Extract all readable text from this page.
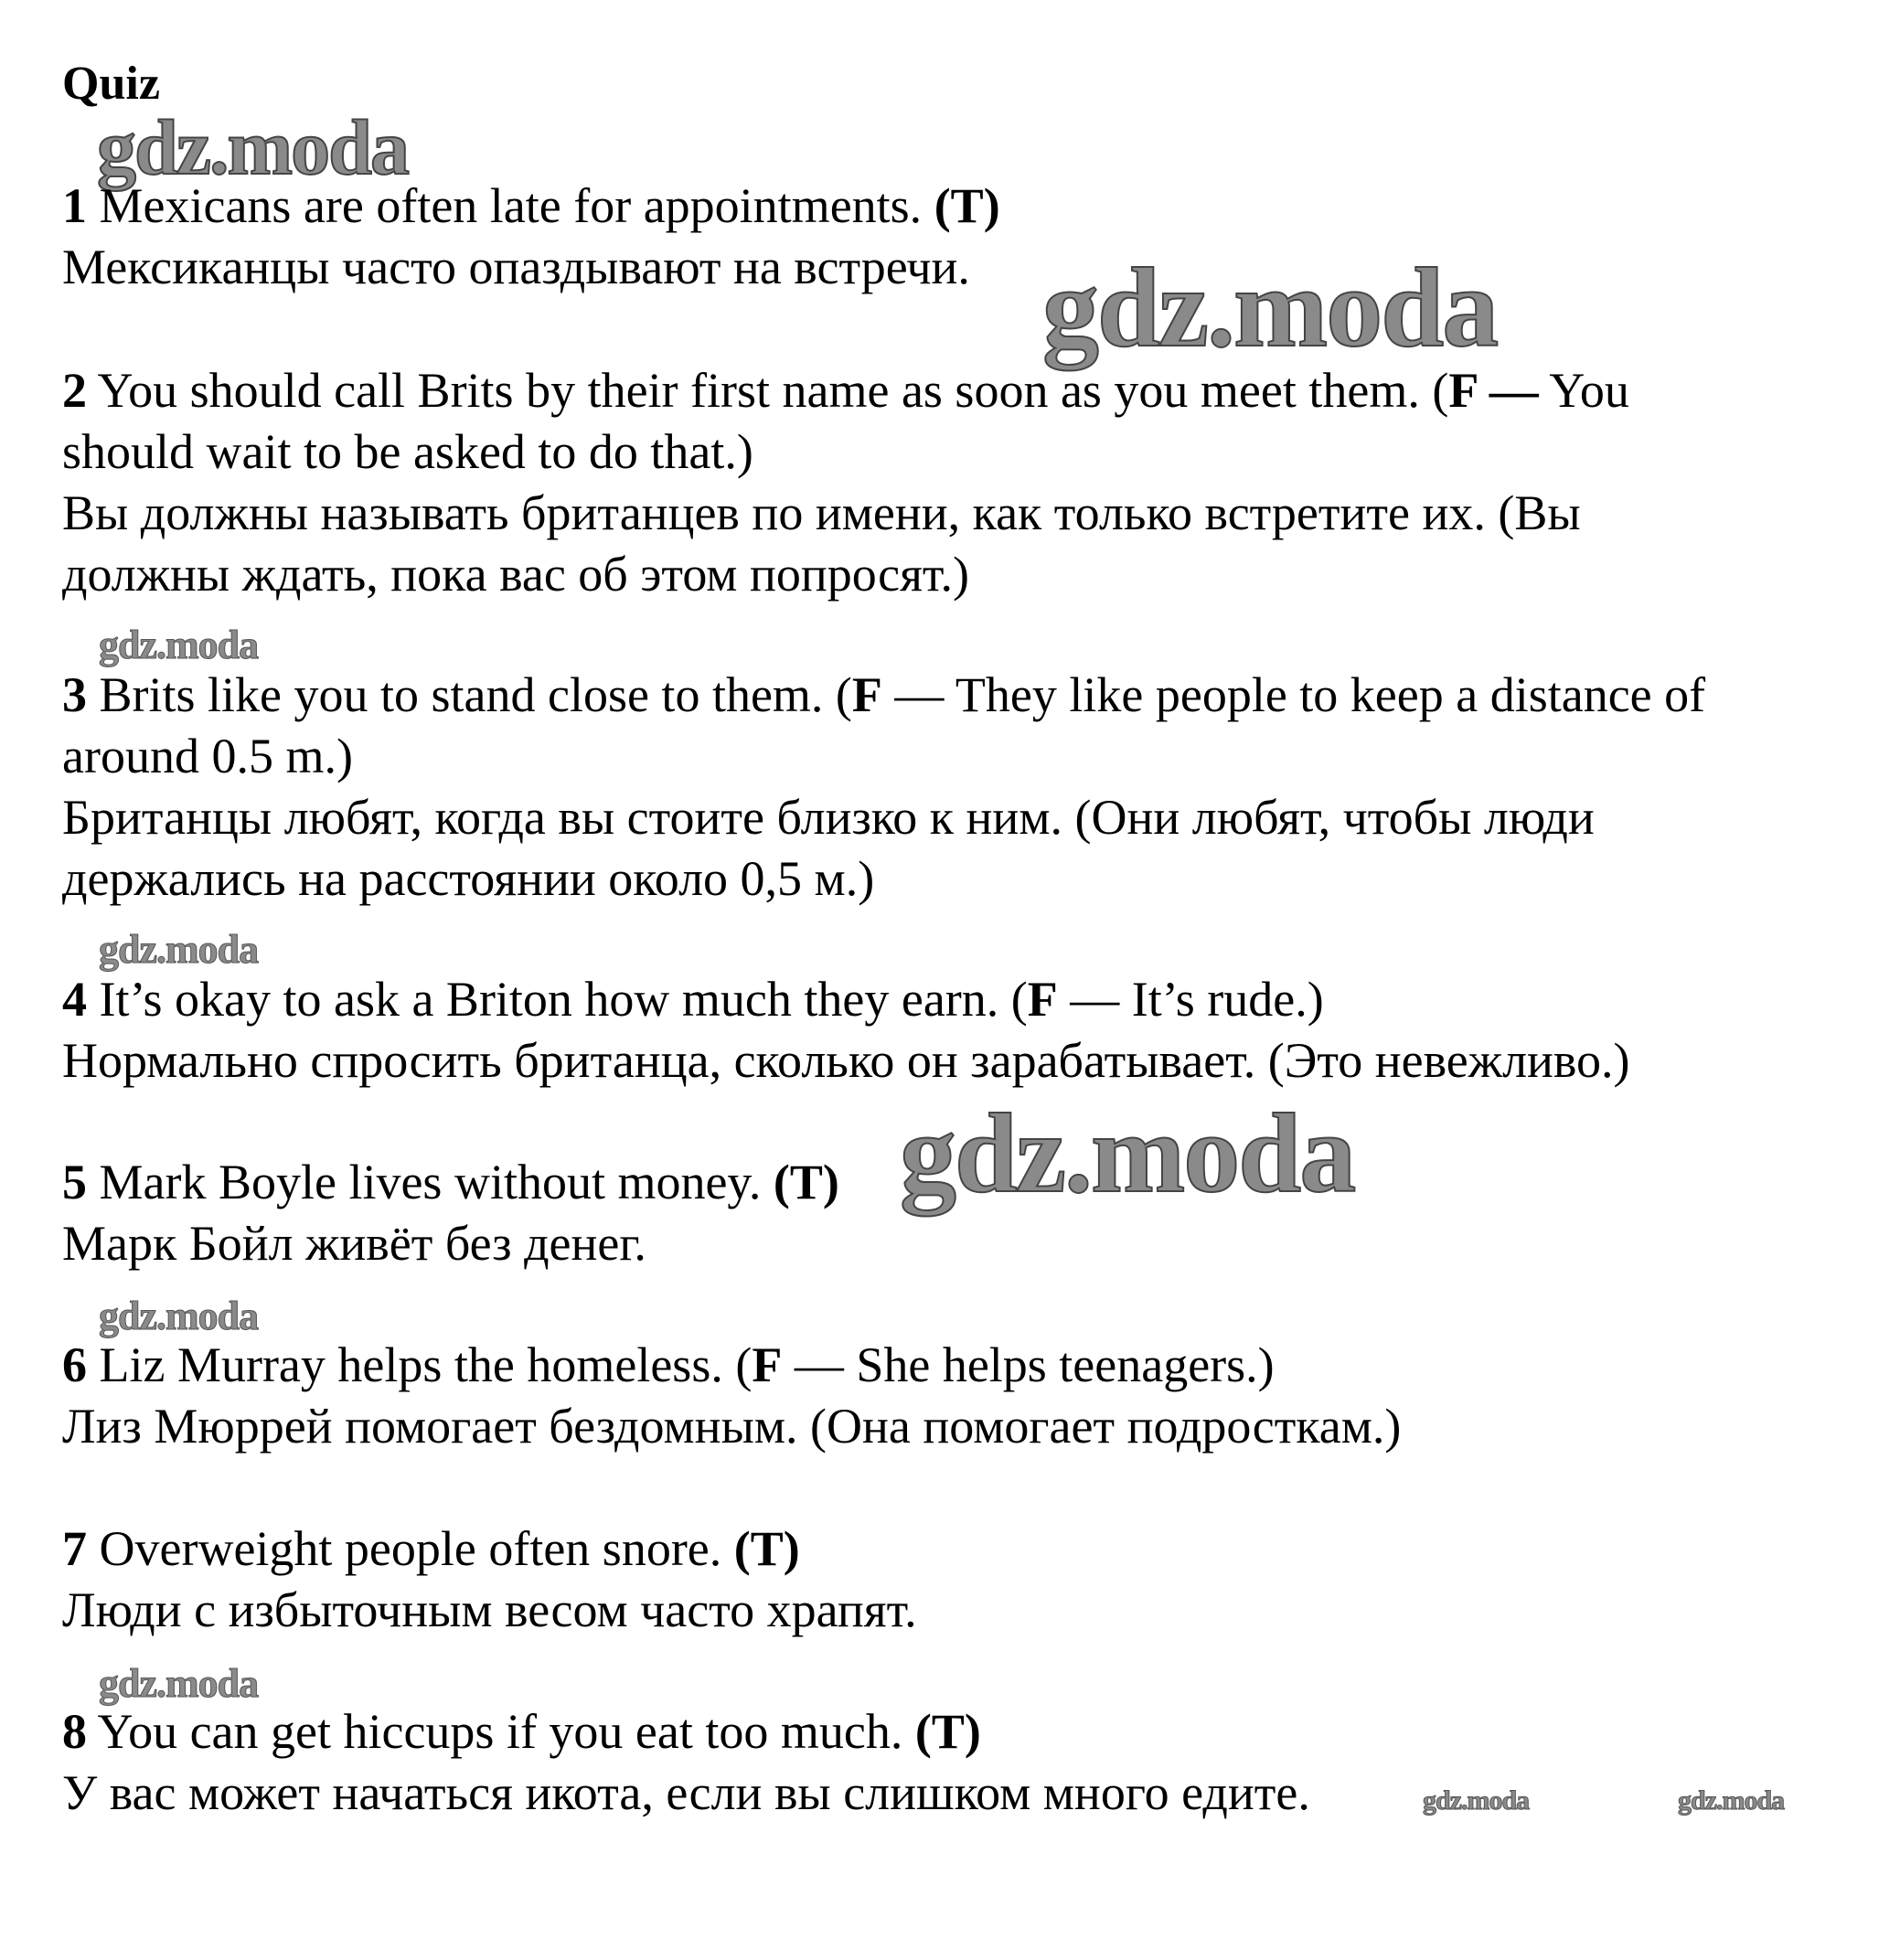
Quiz
gdz.moda
gdz.moda
gdz.moda
gdz.moda
gdz.moda
gdz.moda
gdz.moda
gdz.moda	gdz.moda
1 Mexicans are often late for appointments. (T)
Мексиканцы часто опаздывают на встречи.
2 You should call Brits by their first name as soon as you meet them. (F — You
should wait to be asked to do that.)
Вы должны называть британцев по имени, как только встретите их. (Вы
должны ждать, пока вас об этом попросят.)
3 Brits like you to stand close to them. (F — They like people to keep a distance of
around 0.5 m.)
Британцы любят, когда вы стоите близко к ним. (Они любят, чтобы люди
держались на расстоянии около 0,5 м.)
4 It’s okay to ask a Briton how much they earn. (F — It’s rude.)
Нормально спросить британца, сколько он зарабатывает. (Это невежливо.)
5 Mark Boyle lives without money. (T)
Марк Бойл живёт без денег.
6 Liz Murray helps the homeless. (F — She helps teenagers.)
Лиз Мюррей помогает бездомным. (Она помогает подросткам.)
7 Overweight people often snore. (T)
Люди с избыточным весом часто храпят.
8 You can get hiccups if you eat too much. (T)
У вас может начаться икота, если вы слишком много едите.
